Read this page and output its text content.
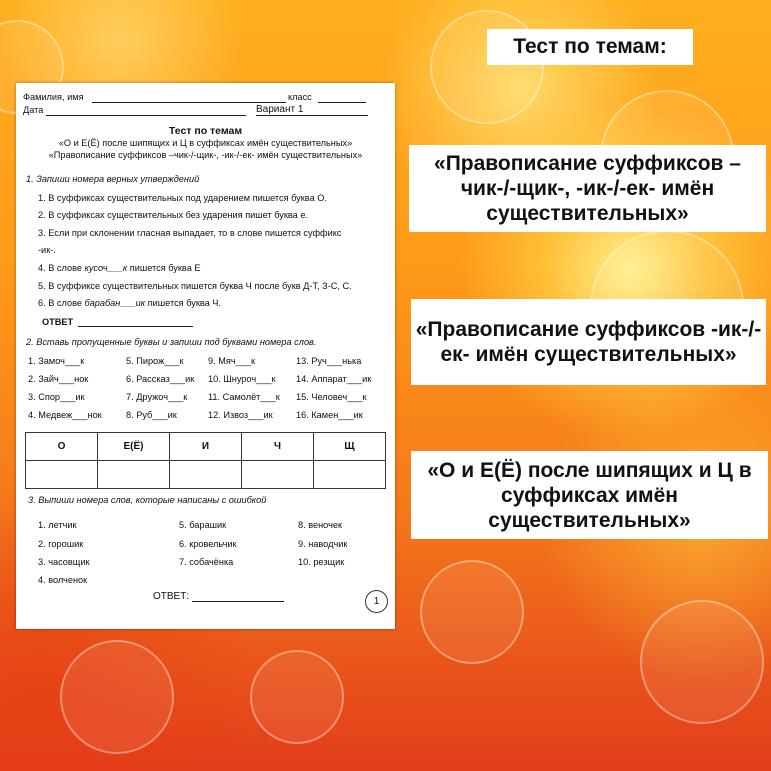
Тест по темам:
«Правописание суффиксов – чик-/-щик-, -ик-/-ек- имён существительных»
«Правописание суффиксов -ик-/-ек- имён существительных»
«О и Е(Ё) после шипящих и Ц в суффиксах имён существительных»
Фамилия, имя	класс
Дата	Вариант 1
Тест по темам
«О и Е(Ё) после шипящих и Ц в суффиксах имён существительных»
«Правописание суффиксов –чик-/-щик-, -ик-/-ек- имён существительных»
1. Запиши номера верных утверждений
1. В суффиксах существительных под ударением пишется буква О.
2. В суффиксах существительных без ударения пишет буква е.
3. Если при склонении гласная выпадает, то в слове пишется суффикс
-ик-.
4. В слове кусоч___к пишется буква Е
5. В суффиксе существительных пишется буква Ч после букв Д-Т, З-С, С.
6. В слове барабан___ик пишется буква Ч.
ОТВЕТ
2. Вставь пропущенные буквы и запиши под буквами номера слов.
1. Замоч___к	5. Пирож___к	9. Мяч___к	13. Руч___нька
2. Зайч___нок	6. Рассказ___ик 10. Шнуроч___к 14. Аппарат___ик
3. Спор___ик	7. Дружоч___к 11. Самолёт___к 15. Человеч___к
4. Медвеж___нок	8. Руб___ик	12. Извоз___ик	16. Камен___ик
О	Е(Ё)	И	Ч	Щ

3. Выпиши номера слов, которые написаны с ошибкой
1. летчик	5. барашик	8. веночек
2. горошик	6. кровельчик	9. наводчик
3. часовщик	7. собачёнка	10. резщик
4. волченок
ОТВЕТ:	1
